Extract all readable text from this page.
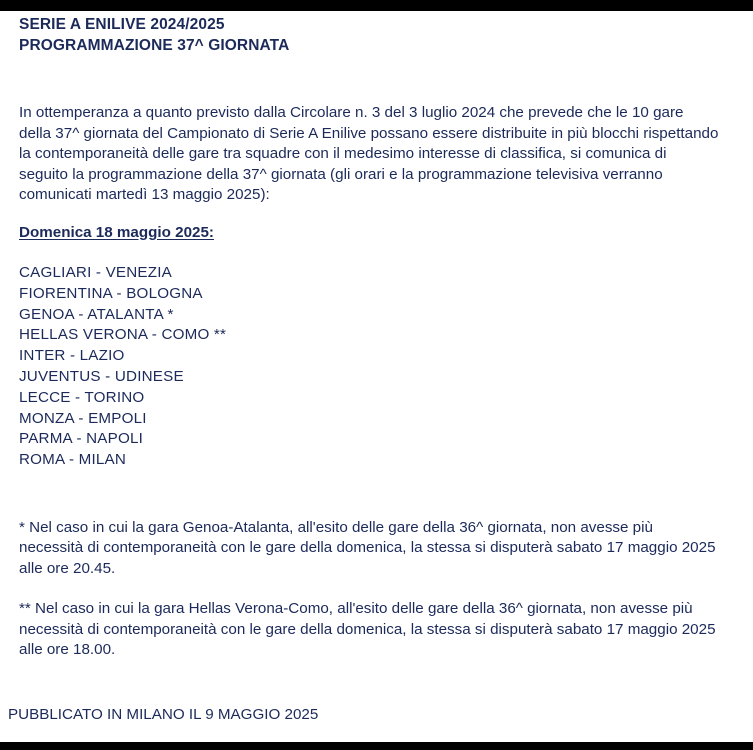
SERIE A ENILIVE 2024/2025
PROGRAMMAZIONE 37^ GIORNATA

In ottemperanza a quanto previsto dalla Circolare n. 3 del 3 luglio 2024 che prevede che le 10 gare della 37^ giornata del Campionato di Serie A Enilive possano essere distribuite in più blocchi rispettando la contemporaneità delle gare tra squadre con il medesimo interesse di classifica, si comunica di seguito la programmazione della 37^ giornata (gli orari e la programmazione televisiva verranno comunicati martedì 13 maggio 2025):

Domenica 18 maggio 2025:

CAGLIARI - VENEZIA
FIORENTINA - BOLOGNA
GENOA - ATALANTA *
HELLAS VERONA - COMO **
INTER - LAZIO
JUVENTUS - UDINESE
LECCE - TORINO
MONZA - EMPOLI
PARMA - NAPOLI
ROMA - MILAN

* Nel caso in cui la gara Genoa-Atalanta, all'esito delle gare della 36^ giornata, non avesse più necessità di contemporaneità con le gare della domenica, la stessa si disputerà sabato 17 maggio 2025 alle ore 20.45.

** Nel caso in cui la gara Hellas Verona-Como, all'esito delle gare della 36^ giornata, non avesse più necessità di contemporaneità con le gare della domenica, la stessa si disputerà sabato 17 maggio 2025 alle ore 18.00.

PUBBLICATO IN MILANO IL 9 MAGGIO 2025
